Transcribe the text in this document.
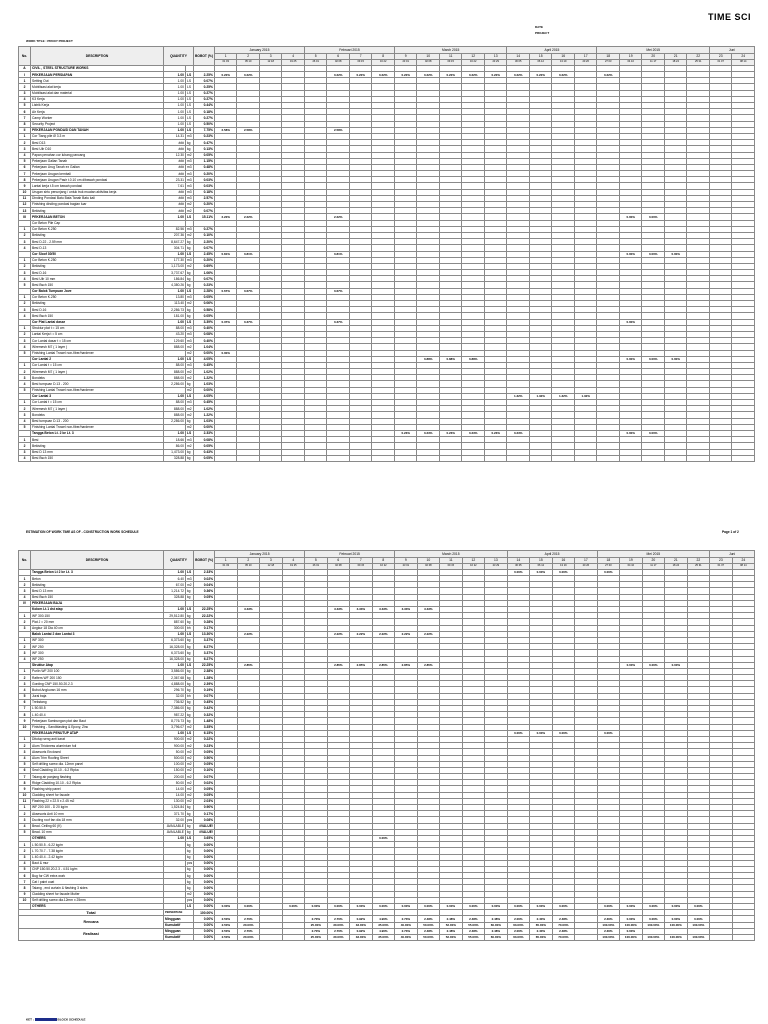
TIME SCI
DATE
PROJECT
WORK TITLE : PROXY PROJECT
No.	DESCRIPTION	QUANTITY		BOBOT (%)	January 2015				Februari 2015				March 2015					April 2015				Mei 2015					Juni	
					1	2	3	4	5	6	7	8	9	10	11	12	13	14	15	16	17	18	19	20	21	22	23	24
					01 03	05 10	12 18	19 25	26 01	02 08	09 15	16 22	23 01	02 08	09 15	16 22	23 29	30 05	06 12	13 19	20 26	27 03	04 10	11 17	18 24	25 31	01 07	08 14
A	CIVIL , STEEL STRUCTURE WORKS																											
I	PEKERJAAN PERSIAPAN	1.00	LS	2.25%	0.22%	0.22%				0.22%	0.22%	0.22%	0.22%	0.22%	0.22%	0.22%	0.22%	0.22%	0.22%	0.22%		0.22%						
1	Setting Out	1.00	LS	0.07%																								
2	Mobilisasi alat kerja	1.00	LS	0.25%																								
3	Mobilisasi alat dan material	1.00	LS	0.27%																								
4	K3 Kerja	1.00	LS	0.27%																								
5	Listrik Kerja	1.00	LS	0.44%																								
6	Air Kerja	1.00	LS	0.18%																								
7	Camp Worker	1.00	LS	0.27%																								
8	Security Project	1.00	LS	0.50%																								
II	PEKERJAAN PONDASI DAN TANAH	1.00	LS	7.75%	2.58%	2.58%				2.58%																		
1	Cor Tiang pile Ø 3.3 m	14.31	m3	0.23%																								
2	Besi D13	###	kg	0.47%																								
3	Besi Ulir D10	###	kg	0.13%																								
4	Papan penahan cor lubang pancang	12.30	m2	0.05%																								
5	Pekerjaan Galian Tanah	###	m3	1.15%																								
6	Pekerjaan Urug Tanah ex Galian	###	m3	0.48%																								
7	Pekerjaan Urugan kembali	###	m3	0.20%																								
8	Pekerjaan Urugan Pasir t.0.10 cm dibawah pondasi	23.31	m3	0.03%																								
9	Lantai kerja t.5 cm bawah pondasi	7.61	m3	0.03%																								
10	Urugan sirtu penunjang / untuk truk muatan aktivitas kerja	###	m3	0.18%																								
11	Dinding Pondasi Batu Bata Tanah Batu kali	###	m3	2.57%																								
12	Finishing dinding pondasi bagian luar	###	m2	0.20%																								
13	Bekisting	###	m2	0.07%																								
III	PEKERJAAN BETON	1.00	LS	15.11%	2.22%	2.22%				2.22%													0.00%	0.00%				
	Cor Beton Pile Cap																											
1	Cor Beton K.250	82.56	m3	0.27%																								
2	Bekisting	207.36	m2	0.10%																								
3	Besi D.22 - 2.59 mm	8,647.27	kg	2.20%																								
4	Besi D.13	304.71	kg	0.07%																								
	Cor Sloof 30/50	1.00	LS	2.45%	0.81%	0.81%				0.81%													0.00%	0.00%	0.00%			
1	Cor Beton K.250	177.30	m3	0.20%																								
2	Bekisting	1,173.00	m2	0.69%																								
3	Besi D.16	3,737.67	kg	1.06%																								
4	Besi Ulir 10 mm	186.84	kg	0.07%																								
5	Besi Bsch 150	4,380.26	kg	0.23%																								
	Cor Balok Tumpuan Jove	1.00	LS	2.28%	0.67%	0.67%				0.67%																		
1	Cor Beton K.250	13.80	m3	0.05%																								
2	Bekisting	113.40	m2	0.06%																								
3	Besi D.16	2,286.73	kg	0.58%																								
4	Besi Bsch 150	181.00	kg	0.05%																								
	Cor Plat Lantai dasar	1.00	LS	3.39%	0.37%	0.37%				0.37%													0.00%					
1	Struktur plat t = 15 cm	88.00	m3	0.40%																								
2	Lantai Kerja t = 5 cm	43.20	m3	0.08%																								
3	Cor Lantai dasar t = 15 cm	129.60	m3	0.40%																								
4	Wiremesh M7 ( 1 layer )	888.00	m2	1.04%																								
5	Finishing Lantai Trowel non-fiber/hardener		m2	0.00%	0.00%																							
	Cor Lantai 2	1.00	LS	4.05%										0.88%	0.88%	0.88%							0.00%	0.00%	0.00%			
1	Cor Lantai t = 15 cm	88.00	m3	0.45%																								
2	Wiremesh M7 ( 1 layer )	888.00	m2	1.02%																								
3	Bondeks	888.00	m2	1.22%																								
4	Besi tumpuan D.13 - 200	2,286.00	kg	1.03%																								
5	Finishing Lantai Trowel non-fiber/hardener		m2	0.00%																								
	Cor Lantai 3	1.00	LS	4.05%														1.32%	1.32%	1.32%	1.32%							
1	Cor Lantai t = 15 cm	88.00	m3	0.45%																								
2	Wiremesh M7 ( 1 layer )	888.00	m2	1.02%																								
3	Bondeks	888.00	m2	1.22%																								
4	Besi tumpuan D.13 - 200	2,286.00	kg	1.03%																								
5	Finishing Lantai Trowel non-fiber/hardener		m2	0.00%																								
	Tangga Beton Lt. 2 ke Lt. 3	1.00	LS	2.33%									0.23%	0.23%	0.23%	0.23%	0.23%	0.23%					0.00%	0.00%				
1	Besi	18.66	m3	0.08%																								
2	Bekisting	86.00	m2	0.05%																								
3	Besi D 13 mm	1,473.00	kg	0.43%																								
4	Besi Bsch 150	328.88	kg	0.05%																								
ESTIMATION OF WORK TIME AS OF - CONSTRUCTION WORK SCHEDULE	Page 1 of 2
No.	DESCRIPTION	QUANTITY		BOBOT (%)	January 2015				Februari 2015				March 2015					April 2015				Mei 2015					Juni	
					1	2	3	4	5	6	7	8	9	10	11	12	13	14	15	16	17	18	19	20	21	22	23	24
					01 03	05 10	12 18	19 25	26 01	02 08	09 15	16 22	23 01	02 08	09 15	16 22	23 29	30 05	06 12	13 19	20 26	27 03	04 10	11 17	18 24	25 31	01 07	08 14
	Tangga Beton Lt 2 ke Lt. 3	1.00	LS	2.33%														0.00%	0.00%	0.00%		0.00%						
1	Beton	6.40	m3	0.02%																								
2	Bekisting	67.00	m2	0.04%																								
3	Besi D 13 mm	1,214.72	kg	0.36%																								
4	Besi Bsch 150	328.88	kg	0.05%																								
IV	PEKERJAAN BAJA																											
	Kolom Lt.1 dst atap	1.00	LS	22.25%		3.33%				3.33%	3.33%	3.33%	3.33%	3.33%														
1	WF 300.150	29,512.80	kg	22.22%																								
2	Plat J = 20 mm	887.60	kg	0.28%																								
3	Angkur 18 Dia 40 cm	300.00	bh	0.17%																								
	Balok Lantai 2 dan Lantai 3	1.00	LS	13.30%		2.22%				2.22%	2.22%	2.22%	2.22%	2.22%														
1	WF 300	6,373.60	kg	3.37%																								
2	WF 250	16,328.00	kg	6.27%																								
3	WF 300	6,373.60	kg	3.37%																								
4	WF 250	16,328.00	kg	6.27%																								
	Struktur Atap	1.00	LS	22.25%		2.85%				2.85%	2.85%	2.85%	2.85%	2.85%									0.00%	0.00%	0.00%			
1	Purlin WF 200 100	3,586.00	kg	2.38%																								
2	Rafters WF 200 150	2,367.68	kg	1.28%																								
3	Gording CNP 150.50.20.2.3	4,888.00	kg	2.39%																								
4	Bubut Angkuran 16 mm	296.70	kg	0.19%																								
5	Jurai baja	32.00	bh	0.07%																								
6	Trekstang	736.52	kg	0.45%																								
7	L 50.50.5	7,386.00	kg	0.42%																								
8	L 40.40.4	987.22	kg	0.32%																								
9	Pekerjaan Sambungan plat dan Baut	8,776.73	kg	1.48%																								
10	Finishing - Sandblasting & Epoxy, Zinc	3,796.07	m2	3.35%																								
	PEKERJAAN PENUTUP ATAP	1.00	LS	6.15%														0.00%	0.00%	0.00%		0.00%						
1	Ditutup seng anti karat	900.00	m2	0.22%																								
2	Alum Thickness aluminium foil	900.00	m2	0.23%																								
3	Aksesoris Enclosed	50.00	m2	0.05%																								
4	Alum Trim Roofing Sheet	500.00	m2	0.50%																								
5	Self drilling screw dia. 12mm panel	100.00	m2	0.05%																								
6	Seal Cladding 10.10 - 6.2 Ripka	150.00	m2	0.10%																								
7	Talang air panjang flashing	200.00	m2	0.07%																								
8	Ridge Cladding 10.10 - 6.2 Ripka	50.00	m2	0.02%																								
9	Flashing strip panel	14.00	m2	0.05%																								
10	Cladding sheet for facade	14.00	m2	0.05%																								
11	Flashing 22 x 22.5 x 2.45 m2	130.00	m2	2.03%																								
1	WF 200 100 - D 20 kg/m	1,524.84	kg	0.90%																								
2	Aksesoris Anti 10 mm	371.70	kg	0.17%																								
3	Ducting roof fan dia 18 mm	32.00	pcs	0.08%																								
4	Bead. Ceiling 60 (K)	AVAILABLE	kg	#VALUE!																								
5	Bead. 10 mm	AVAILABLE	kg	#VALUE!																								
	OTHERS	1.00	LS	3.65%								0.00%																
1	L 50.50.5 - 6.22 kg/m		kg	0.00%																								
2	L 70.70.7 - 7.38 kg/m		kg	0.00%																								
3	L 40.40.4 - 2.42 kg/m		kg	0.00%																								
4	Baut & mur		pcs	0.00%																								
5	CNP 150.50.20.2.3 - 4.51 kg/m		kg	0.00%																								
6	Bug for CW extra work		kg	0.00%																								
7	Cat / paint coat		kg	0.00%																								
8	Talang , end curtain & flashing 3 sides		kg	0.00%																								
9	Cladding sheet for facade Mutier		m2	0.00%																								
10	Self drilling screw dia.12mm x 25mm		pcs	0.00%																								
	OTHERS		LS	0.00%	0.00%	0.00%		0.00%	0.00%	0.00%	0.00%	0.00%	0.00%	0.00%	0.00%	0.00%	0.00%	0.00%	0.00%	0.00%		0.00%	0.00%	0.00%	0.00%	0.00%		
Total		PERSENTASE		100.00%																								
Rencana		Mingguan		0.00%	2.50%	2.70%			2.70%	2.70%	0.92%	4.90%	2.73%	2.48%	2.48%	2.48%	2.48%	2.00%	2.40%	2.48%		2.30%	0.00%	0.00%	0.00%	0.00%		
		Kumulatif		0.00%	2.50%	20.00%			25.00%	30.00%	33.00%	35.00%	40.00%	50.00%	52.00%	55.00%	60.00%	63.00%	65.00%	70.00%		100.00%	100.00%	100.00%	100.00%	100.00%		
Realisasi		Mingguan		0.00%	2.50%	2.70%			2.70%	2.70%	0.92%	4.90%	2.73%	2.48%	2.48%	2.48%	2.48%	2.00%	2.40%	2.48%		2.30%	0.00%					
		Kumulatif		0.00%	2.50%	20.00%			25.00%	30.00%	33.00%	35.00%	40.00%	50.00%	52.00%	55.00%	60.00%	63.00%	65.00%	70.00%		100.00%	100.00%	100.00%	100.00%	100.00%		
KET :	BLOCK SCHEDULE
